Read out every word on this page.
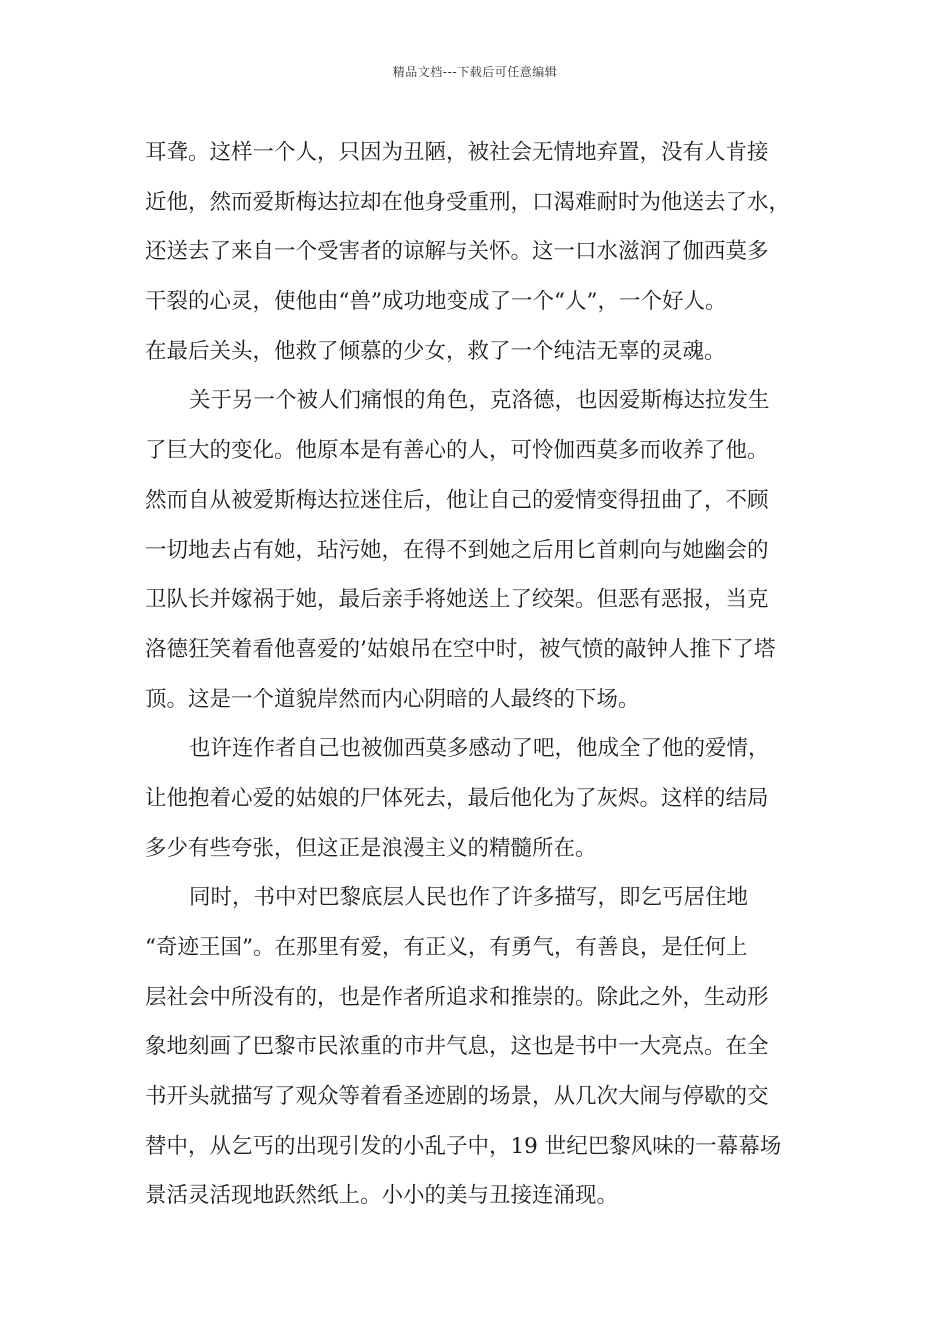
精品文档---下载后可任意编辑
耳聋。这样一个人，只因为丑陋，被社会无情地弃置，没有人肯接
近他，然而爱斯梅达拉却在他身受重刑，口渴难耐时为他送去了水，
还送去了来自一个受害者的谅解与关怀。这一口水滋润了伽西莫多
干裂的心灵，使他由“兽”成功地变成了一个“人”，一个好人。
在最后关头，他救了倾慕的少女，救了一个纯洁无辜的灵魂。
关于另一个被人们痛恨的角色，克洛德，也因爱斯梅达拉发生
了巨大的变化。他原本是有善心的人，可怜伽西莫多而收养了他。
然而自从被爱斯梅达拉迷住后，他让自己的爱情变得扭曲了，不顾
一切地去占有她，玷污她，在得不到她之后用匕首刺向与她幽会的
卫队长并嫁祸于她，最后亲手将她送上了绞架。但恶有恶报，当克
洛德狂笑着看他喜爱的’姑娘吊在空中时，被气愤的敲钟人推下了塔
顶。这是一个道貌岸然而内心阴暗的人最终的下场。
也许连作者自己也被伽西莫多感动了吧，他成全了他的爱情，
让他抱着心爱的姑娘的尸体死去，最后他化为了灰烬。这样的结局
多少有些夸张，但这正是浪漫主义的精髓所在。
同时，书中对巴黎底层人民也作了许多描写，即乞丐居住地
“奇迹王国”。在那里有爱，有正义，有勇气，有善良，是任何上
层社会中所没有的，也是作者所追求和推崇的。除此之外，生动形
象地刻画了巴黎市民浓重的市井气息，这也是书中一大亮点。在全
书开头就描写了观众等着看圣迹剧的场景，从几次大闹与停歇的交
替中，从乞丐的出现引发的小乱子中，19 世纪巴黎风味的一幕幕场
景活灵活现地跃然纸上。小小的美与丑接连涌现。
